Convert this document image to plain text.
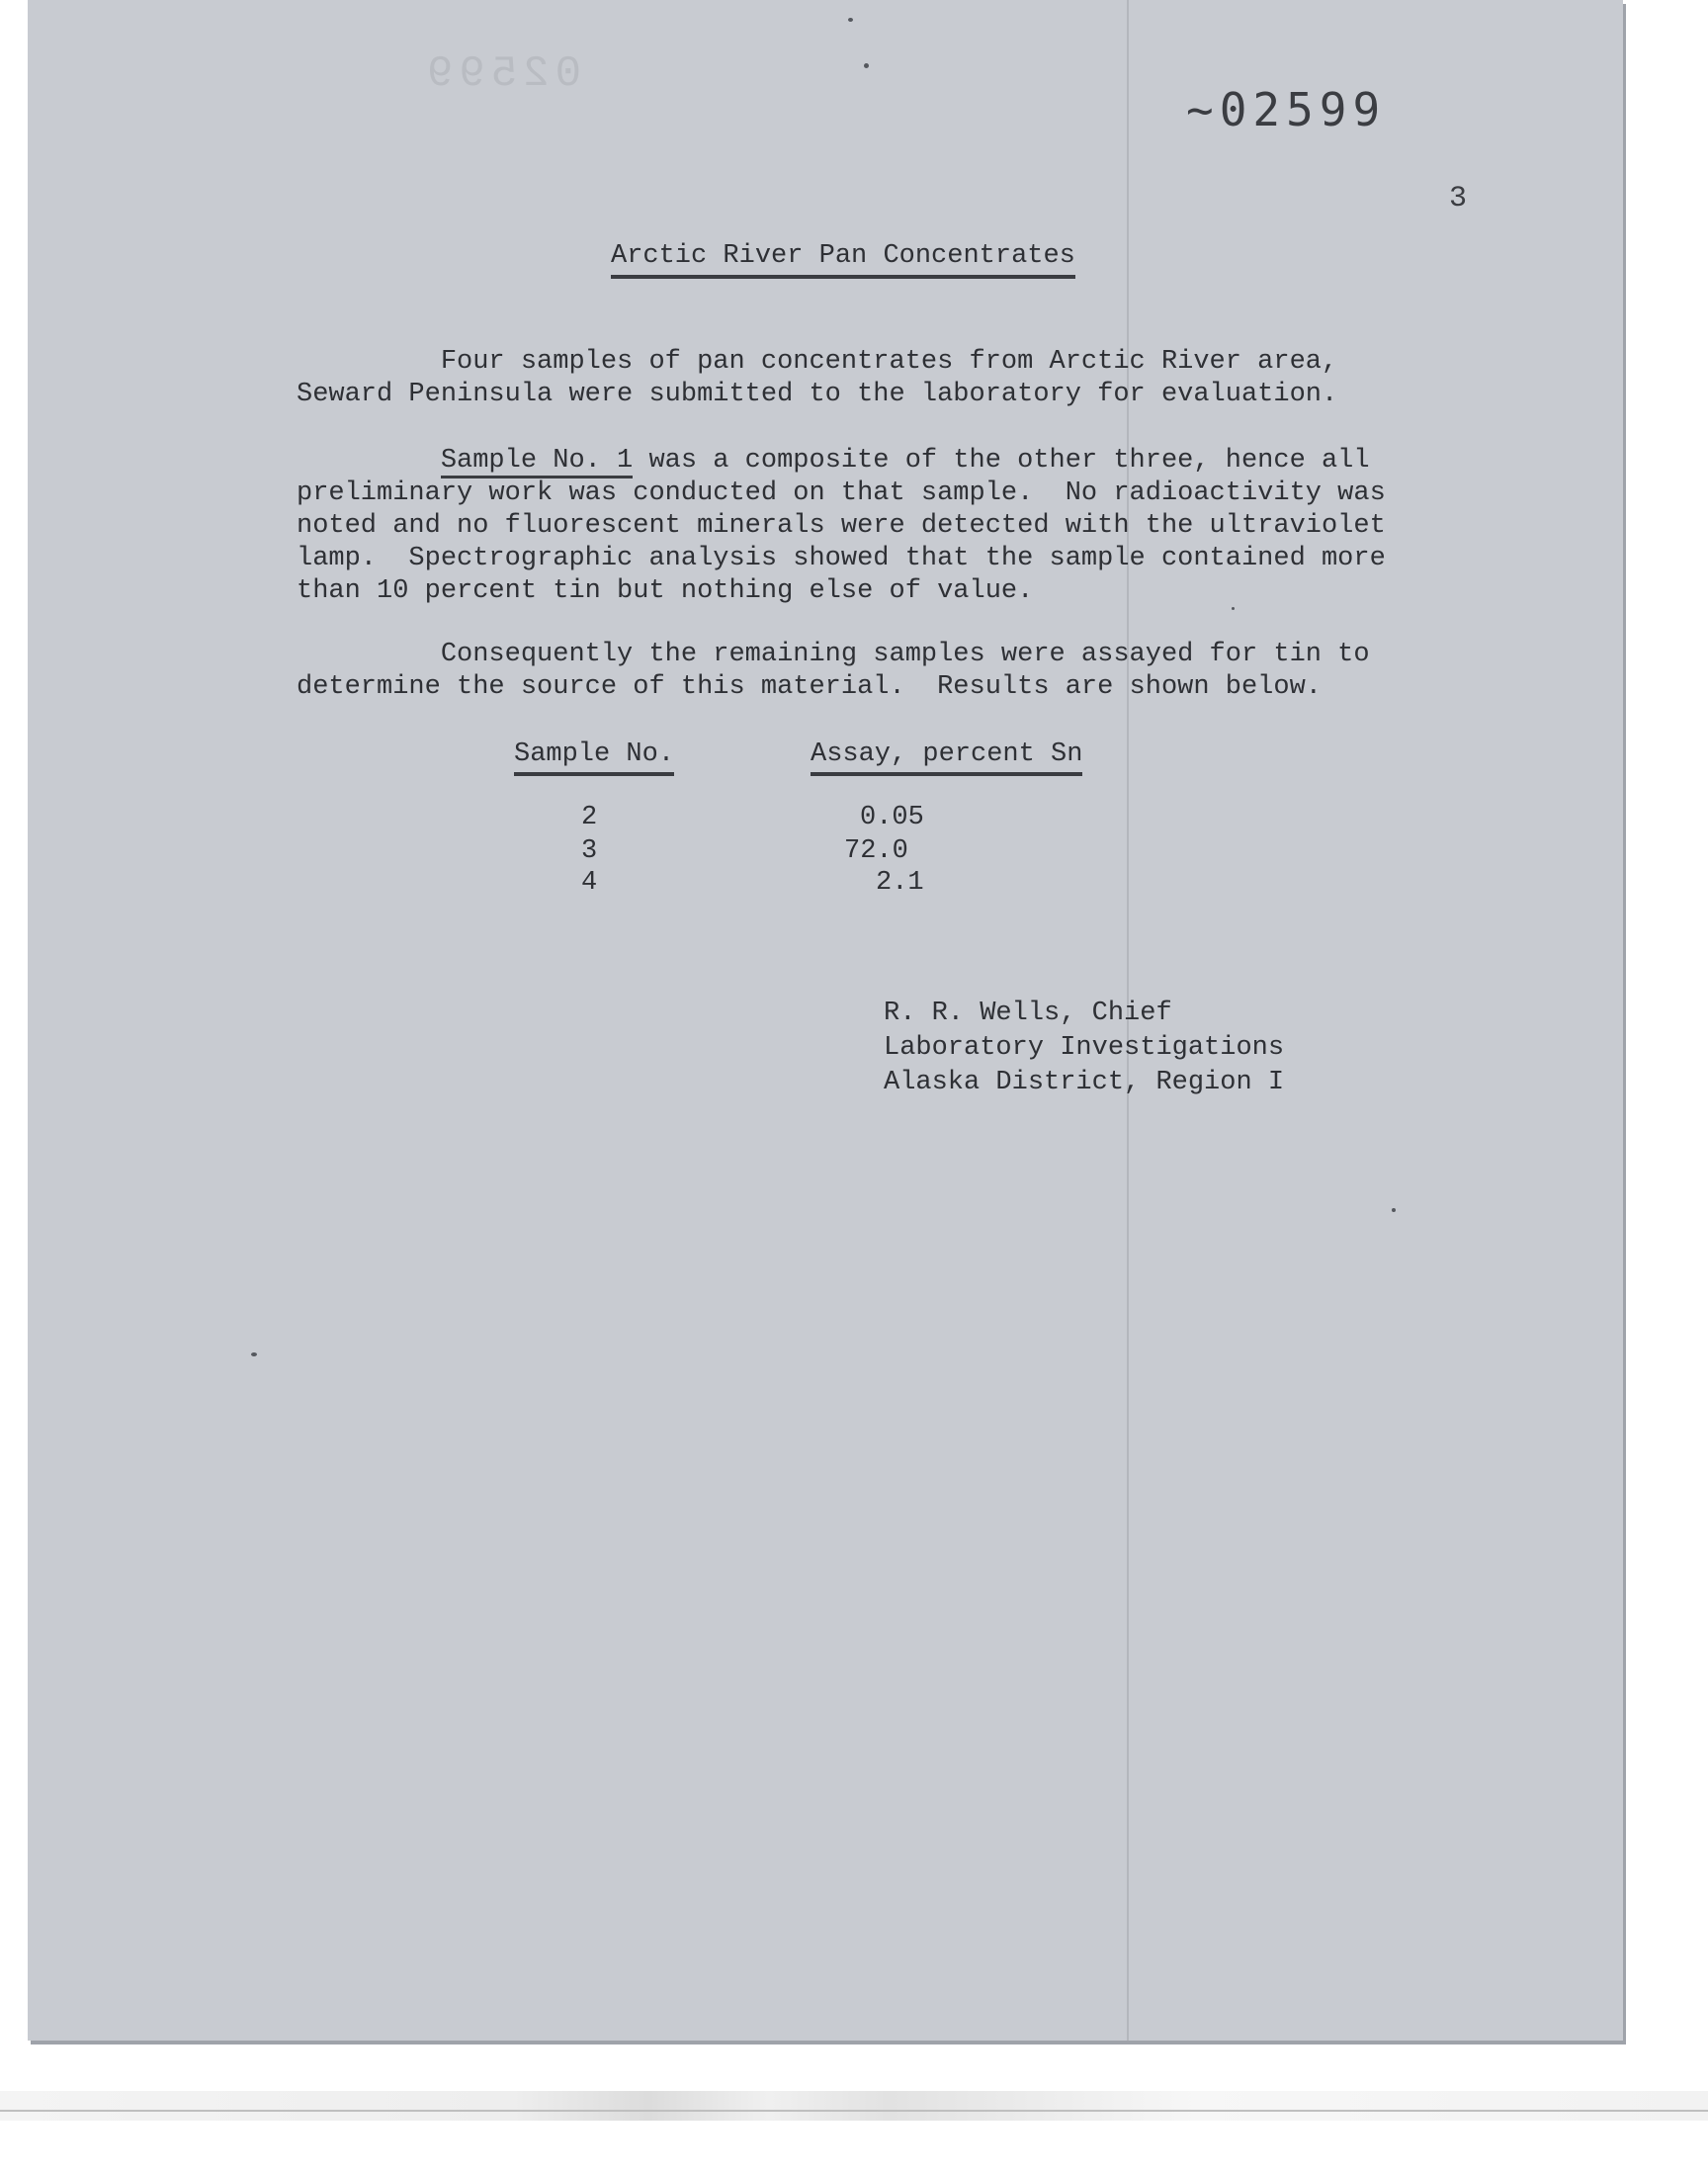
02599
~02599
3
Arctic River Pan Concentrates
Four samples of pan concentrates from Arctic River area,
Seward Peninsula were submitted to the laboratory for evaluation.
Sample No. 1 was a composite of the other three, hence all
preliminary work was conducted on that sample.  No radioactivity was
noted and no fluorescent minerals were detected with the ultraviolet
lamp.  Spectrographic analysis showed that the sample contained more
than 10 percent tin but nothing else of value.
Consequently the remaining samples were assayed for tin to
determine the source of this material.  Results are shown below.
Sample No.	Assay, percent Sn
2	0.05
3	72.0
4	2.1
R. R. Wells, Chief
Laboratory Investigations
Alaska District, Region I
